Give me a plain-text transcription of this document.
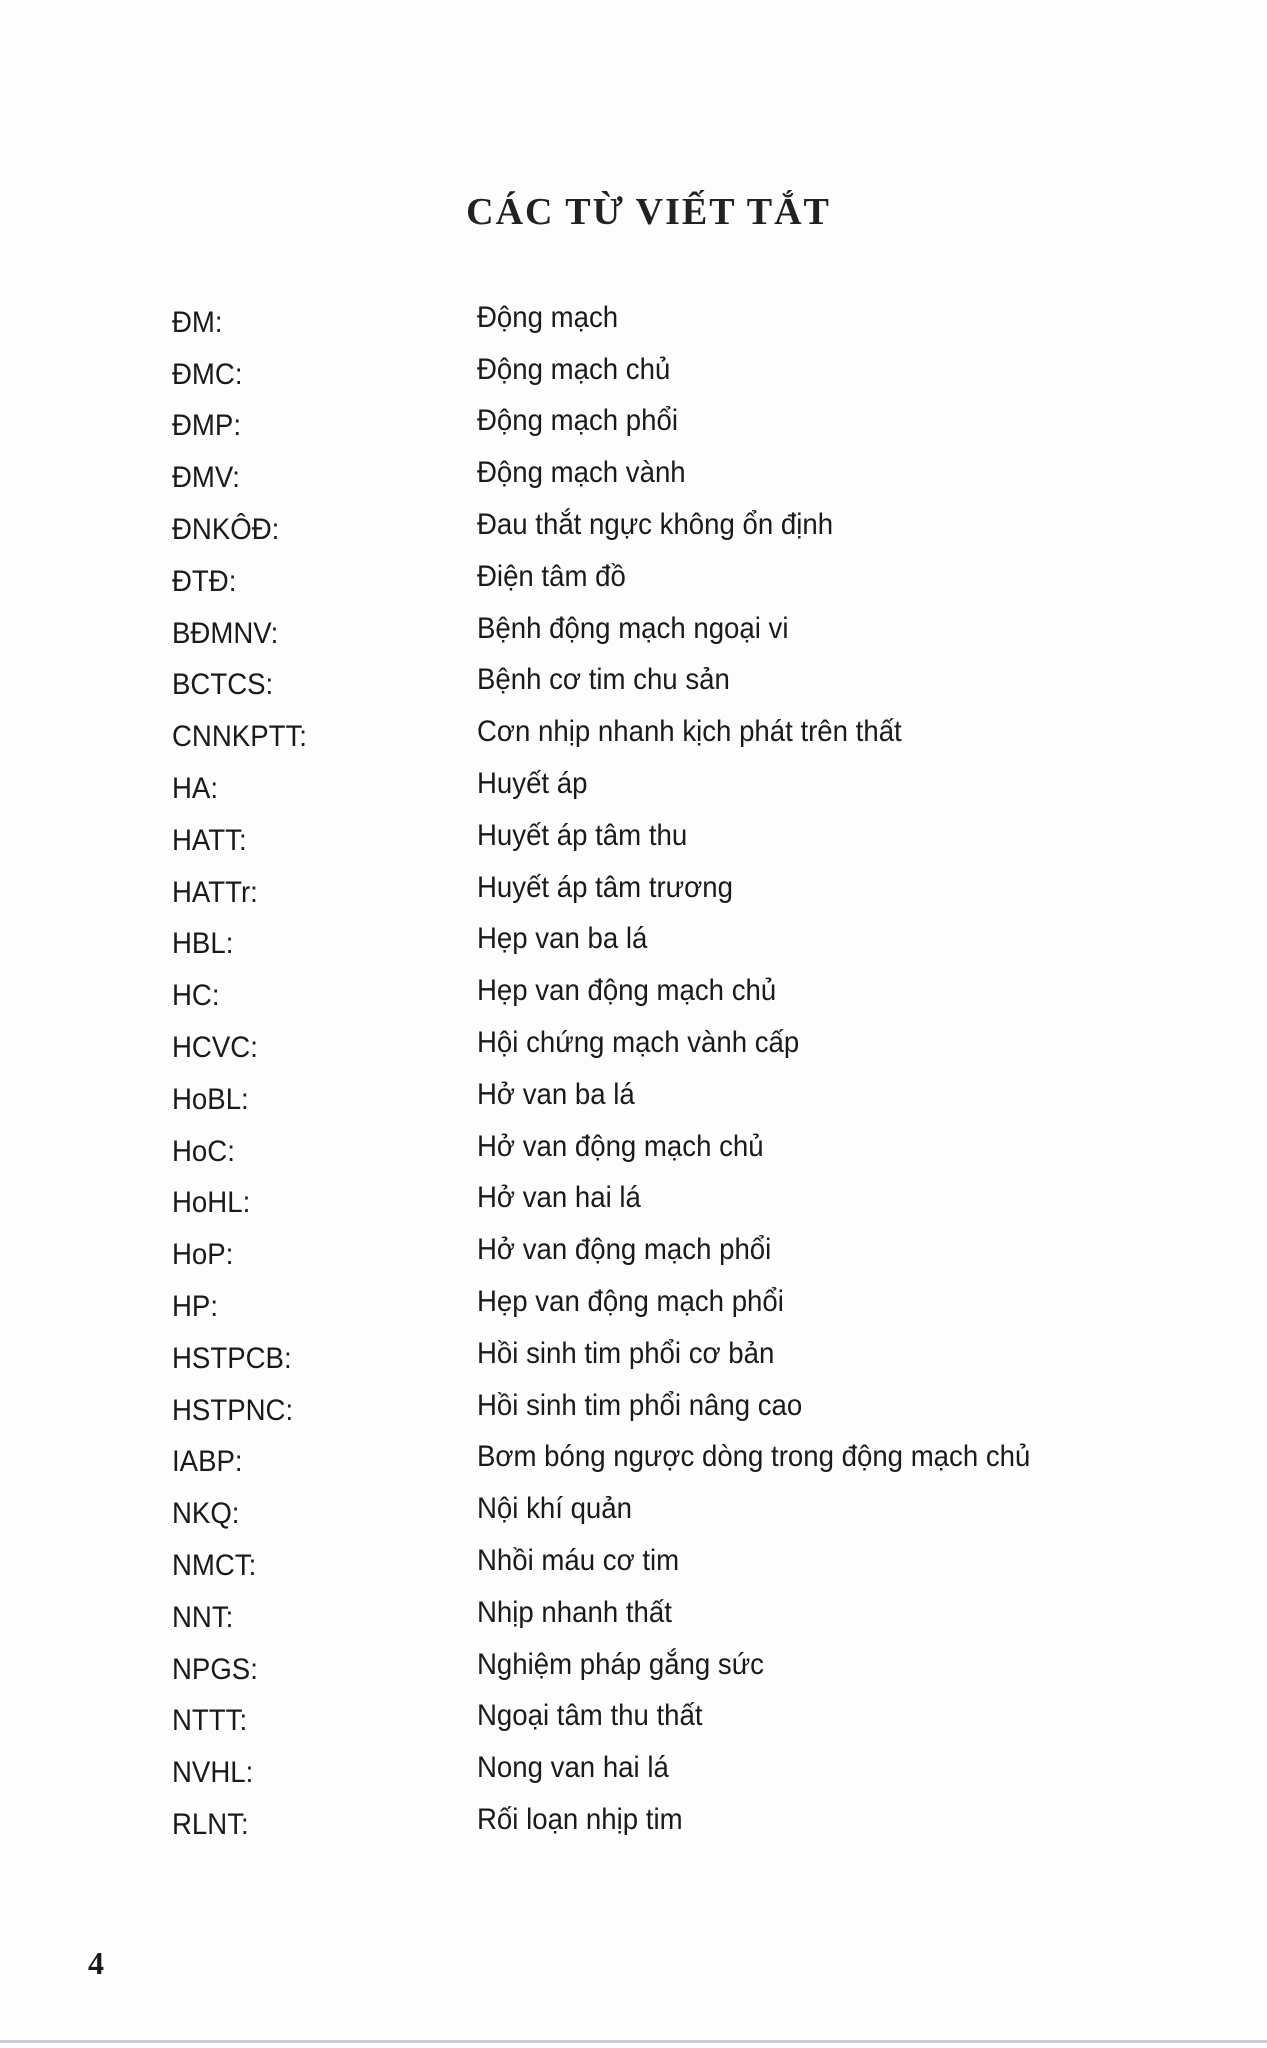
CÁC TỪ VIẾT TẮT
ĐM:	Động mạch
ĐMC:	Động mạch chủ
ĐMP:	Động mạch phổi
ĐMV:	Động mạch vành
ĐNKÔĐ:	Đau thắt ngực không ổn định
ĐTĐ:	Điện tâm đồ
BĐMNV:	Bệnh động mạch ngoại vi
BCTCS:	Bệnh cơ tim chu sản
CNNKPTT:	Cơn nhịp nhanh kịch phát trên thất
HA:	Huyết áp
HATT:	Huyết áp tâm thu
HATTr:	Huyết áp tâm trương
HBL:	Hẹp van ba lá
HC:	Hẹp van động mạch chủ
HCVC:	Hội chứng mạch vành cấp
HoBL:	Hở van ba lá
HoC:	Hở van động mạch chủ
HoHL:	Hở van hai lá
HoP:	Hở van động mạch phổi
HP:	Hẹp van động mạch phổi
HSTPCB:	Hồi sinh tim phổi cơ bản
HSTPNC:	Hồi sinh tim phổi nâng cao
IABP:	Bơm bóng ngược dòng trong động mạch chủ
NKQ:	Nội khí quản
NMCT:	Nhồi máu cơ tim
NNT:	Nhịp nhanh thất
NPGS:	Nghiệm pháp gắng sức
NTTT:	Ngoại tâm thu thất
NVHL:	Nong van hai lá
RLNT:	Rối loạn nhịp tim
4
